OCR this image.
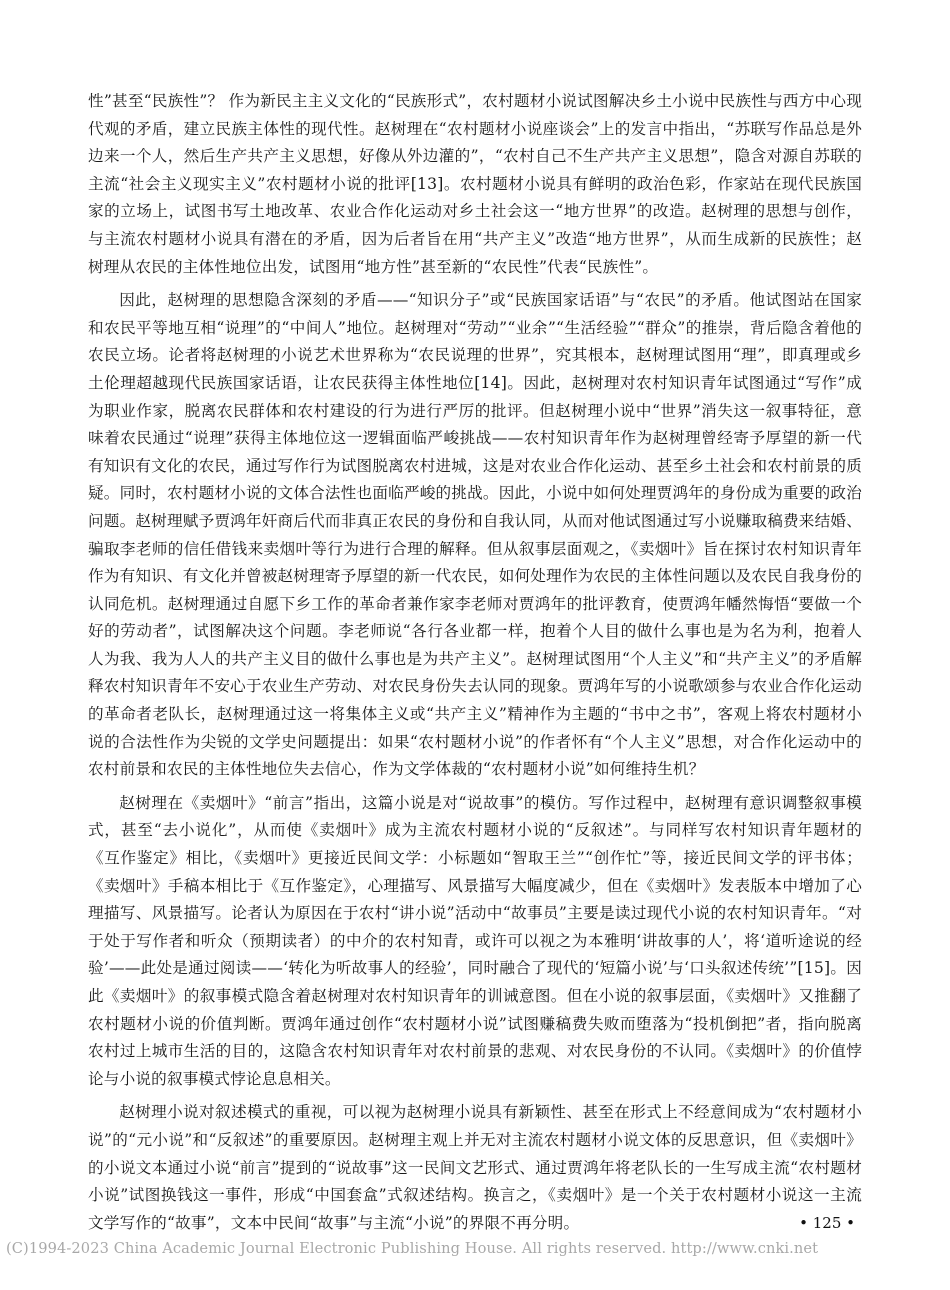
性”甚至“民族性”？ 作为新民主主义文化的“民族形式”，农村题材小说试图解决乡土小说中民族性与西方中心现代观的矛盾，建立民族主体性的现代性。赵树理在“农村题材小说座谈会”上的发言中指出，“苏联写作品总是外边来一个人，然后生产共产主义思想，好像从外边灌的”，“农村自己不生产共产主义思想”，隐含对源自苏联的主流“社会主义现实主义”农村题材小说的批评[13]。农村题材小说具有鲜明的政治色彩，作家站在现代民族国家的立场上，试图书写土地改革、农业合作化运动对乡土社会这一“地方世界”的改造。赵树理的思想与创作，与主流农村题材小说具有潜在的矛盾，因为后者旨在用“共产主义”改造“地方世界”，从而生成新的民族性；赵树理从农民的主体性地位出发，试图用“地方性”甚至新的“农民性”代表“民族性”。

因此，赵树理的思想隐含深刻的矛盾——“知识分子”或“民族国家话语”与“农民”的矛盾。他试图站在国家和农民平等地互相“说理”的“中间人”地位。赵树理对“劳动”“业余”“生活经验”“群众”的推崇，背后隐含着他的农民立场。论者将赵树理的小说艺术世界称为“农民说理的世界”，究其根本，赵树理试图用“理”，即真理或乡土伦理超越现代民族国家话语，让农民获得主体性地位[14]。因此，赵树理对农村知识青年试图通过“写作”成为职业作家，脱离农民群体和农村建设的行为进行严厉的批评。但赵树理小说中“世界”消失这一叙事特征，意味着农民通过“说理”获得主体地位这一逻辑面临严峻挑战——农村知识青年作为赵树理曾经寄予厚望的新一代有知识有文化的农民，通过写作行为试图脱离农村进城，这是对农业合作化运动、甚至乡土社会和农村前景的质疑。同时，农村题材小说的文体合法性也面临严峻的挑战。因此，小说中如何处理贾鸿年的身份成为重要的政治问题。赵树理赋予贾鸿年奸商后代而非真正农民的身份和自我认同，从而对他试图通过写小说赚取稿费来结婚、骗取李老师的信任借钱来卖烟叶等行为进行合理的解释。但从叙事层面观之，《卖烟叶》旨在探讨农村知识青年作为有知识、有文化并曾被赵树理寄予厚望的新一代农民，如何处理作为农民的主体性问题以及农民自我身份的认同危机。赵树理通过自愿下乡工作的革命者兼作家李老师对贾鸿年的批评教育，使贾鸿年幡然悔悟“要做一个好的劳动者”，试图解决这个问题。李老师说“各行各业都一样，抱着个人目的做什么事也是为名为利，抱着人人为我、我为人人的共产主义目的做什么事也是为共产主义”。赵树理试图用“个人主义”和“共产主义”的矛盾解释农村知识青年不安心于农业生产劳动、对农民身份失去认同的现象。贾鸿年写的小说歌颂参与农业合作化运动的革命者老队长，赵树理通过这一将集体主义或“共产主义”精神作为主题的“书中之书”，客观上将农村题材小说的合法性作为尖锐的文学史问题提出：如果“农村题材小说”的作者怀有“个人主义”思想，对合作化运动中的农村前景和农民的主体性地位失去信心，作为文学体裁的“农村题材小说”如何维持生机？

赵树理在《卖烟叶》“前言”指出，这篇小说是对“说故事”的模仿。写作过程中，赵树理有意识调整叙事模式，甚至“去小说化”，从而使《卖烟叶》成为主流农村题材小说的“反叙述”。与同样写农村知识青年题材的《互作鉴定》相比，《卖烟叶》更接近民间文学：小标题如“智取王兰”“创作忙”等，接近民间文学的评书体；《卖烟叶》手稿本相比于《互作鉴定》，心理描写、风景描写大幅度减少，但在《卖烟叶》发表版本中增加了心理描写、风景描写。论者认为原因在于农村“讲小说”活动中“故事员”主要是读过现代小说的农村知识青年。“对于处于写作者和听众（预期读者）的中介的农村知青，或许可以视之为本雅明‘讲故事的人’，将‘道听途说的经验’——此处是通过阅读——‘转化为听故事人的经验’，同时融合了现代的‘短篇小说’与‘口头叙述传统’”[15]。因此《卖烟叶》的叙事模式隐含着赵树理对农村知识青年的训诫意图。但在小说的叙事层面，《卖烟叶》又推翻了农村题材小说的价值判断。贾鸿年通过创作“农村题材小说”试图赚稿费失败而堕落为“投机倒把”者，指向脱离农村过上城市生活的目的，这隐含农村知识青年对农村前景的悲观、对农民身份的不认同。《卖烟叶》的价值悖论与小说的叙事模式悖论息息相关。

赵树理小说对叙述模式的重视，可以视为赵树理小说具有新颖性、甚至在形式上不经意间成为“农村题材小说”的“元小说”和“反叙述”的重要原因。赵树理主观上并无对主流农村题材小说文体的反思意识，但《卖烟叶》的小说文本通过小说“前言”提到的“说故事”这一民间文艺形式、通过贾鸿年将老队长的一生写成主流“农村题材小说”试图换钱这一事件，形成“中国套盒”式叙述结构。换言之，《卖烟叶》是一个关于农村题材小说这一主流文学写作的“故事”，文本中民间“故事”与主流“小说”的界限不再分明。	• 125 •
(C)1994-2023 China Academic Journal Electronic Publishing House. All rights reserved. http://www.cnki.net
